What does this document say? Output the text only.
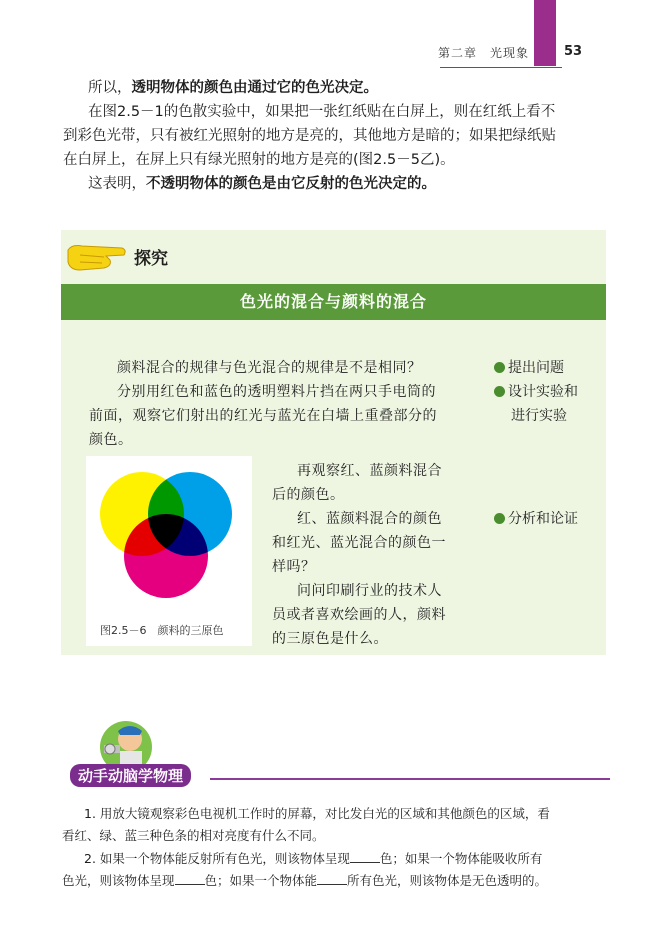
第二章　光现象	53
所以，透明物体的颜色由通过它的色光决定。
在图2.5－1的色散实验中，如果把一张红纸贴在白屏上，则在红纸上看不
到彩色光带，只有被红光照射的地方是亮的，其他地方是暗的；如果把绿纸贴
在白屏上，在屏上只有绿光照射的地方是亮的(图2.5－5乙)。
这表明，不透明物体的颜色是由它反射的色光决定的。
探究
色光的混合与颜料的混合
颜料混合的规律与色光混合的规律是不是相同？
分别用红色和蓝色的透明塑料片挡在两只手电筒的
前面，观察它们射出的红光与蓝光在白墙上重叠部分的
颜色。
再观察红、蓝颜料混合
后的颜色。
红、蓝颜料混合的颜色
和红光、蓝光混合的颜色一
样吗？
问问印刷行业的技术人
员或者喜欢绘画的人，颜料
的三原色是什么。
提出问题
设计实验和
进行实验
分析和论证
图2.5－6　颜料的三原色
动手动脑学物理
1. 用放大镜观察彩色电视机工作时的屏幕，对比发白光的区域和其他颜色的区域，看
看红、绿、蓝三种色条的相对亮度有什么不同。
2. 如果一个物体能反射所有色光，则该物体呈现 色；如果一个物体能吸收所有
色光，则该物体呈现 色；如果一个物体能 所有色光，则该物体是无色透明的。
